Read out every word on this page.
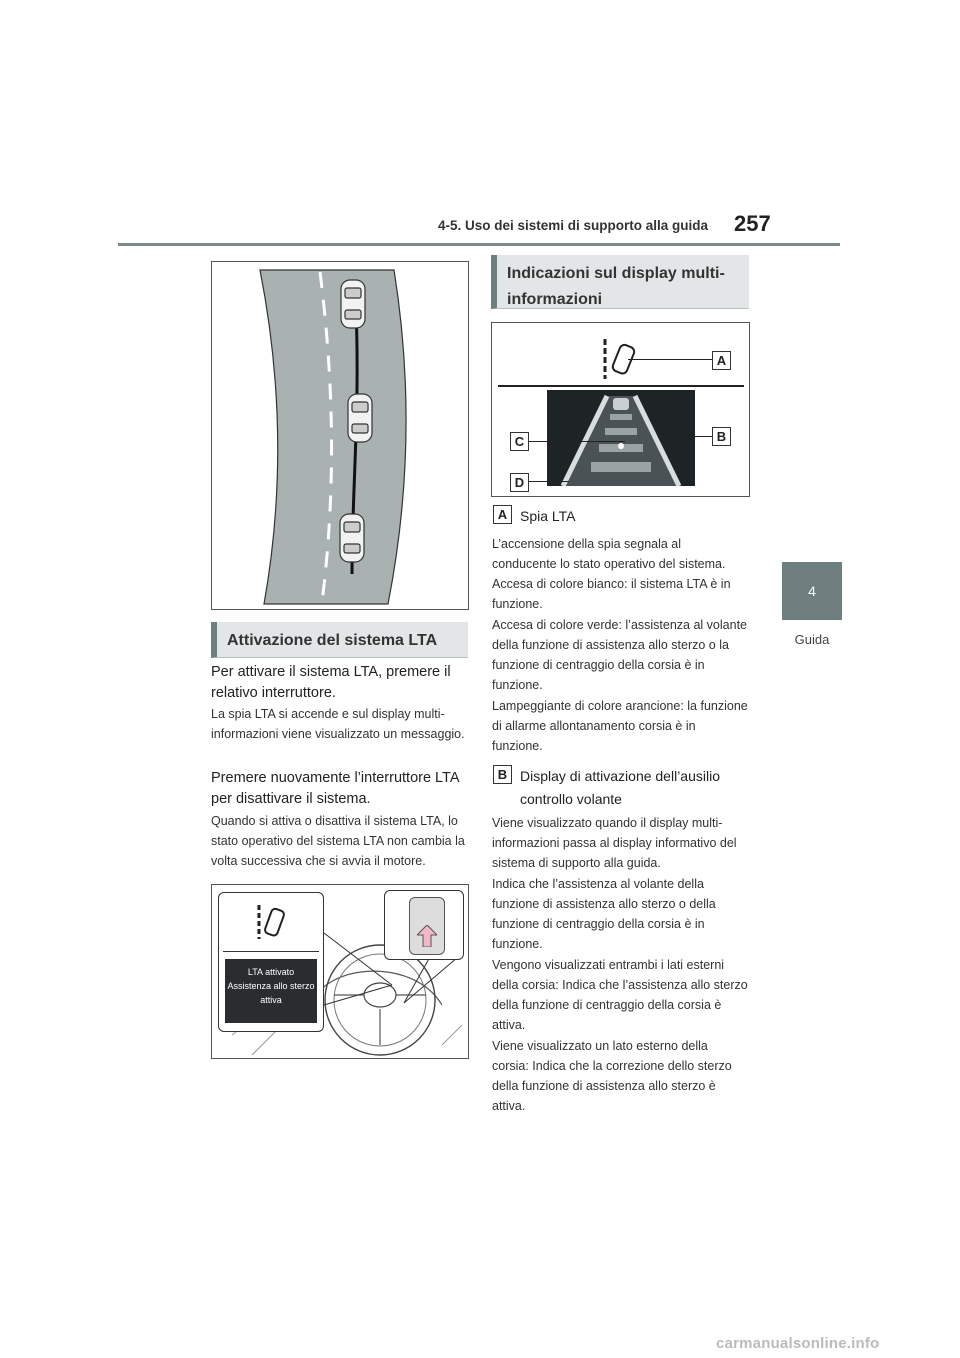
4-5. Uso dei sistemi di supporto alla guida 257
4
Guida
Attivazione del sistema LTA
Per attivare il sistema LTA, premere il relativo interruttore.
La spia LTA si accende e sul display multi-informazioni viene visualizzato un messaggio.
Premere nuovamente l’interruttore LTA per disattivare il sistema.
Quando si attiva o disattiva il sistema LTA, lo stato operativo del sistema LTA non cambia la volta successiva che si avvia il motore.
LTA attivato
Assistenza allo sterzo
attiva
Indicazioni sul display multi-informazioni
A
B
C
D
A Spia LTA
L’accensione della spia segnala al conducente lo stato operativo del sistema.
Accesa di colore bianco: il sistema LTA è in funzione.
Accesa di colore verde: l’assistenza al volante della funzione di assistenza allo sterzo o la funzione di centraggio della corsia è in funzione.
Lampeggiante di colore arancione: la funzione di allarme allontanamento corsia è in funzione.
B Display di attivazione dell’ausilio controllo volante
Viene visualizzato quando il display multi-informazioni passa al display informativo del sistema di supporto alla guida.
Indica che l’assistenza al volante della funzione di assistenza allo sterzo o della funzione di centraggio della corsia è in funzione.
Vengono visualizzati entrambi i lati esterni della corsia: Indica che l’assistenza allo sterzo della funzione di centraggio della corsia è attiva.
Viene visualizzato un lato esterno della corsia: Indica che la correzione dello sterzo della funzione di assistenza allo sterzo è attiva.
carmanualsonline.info
